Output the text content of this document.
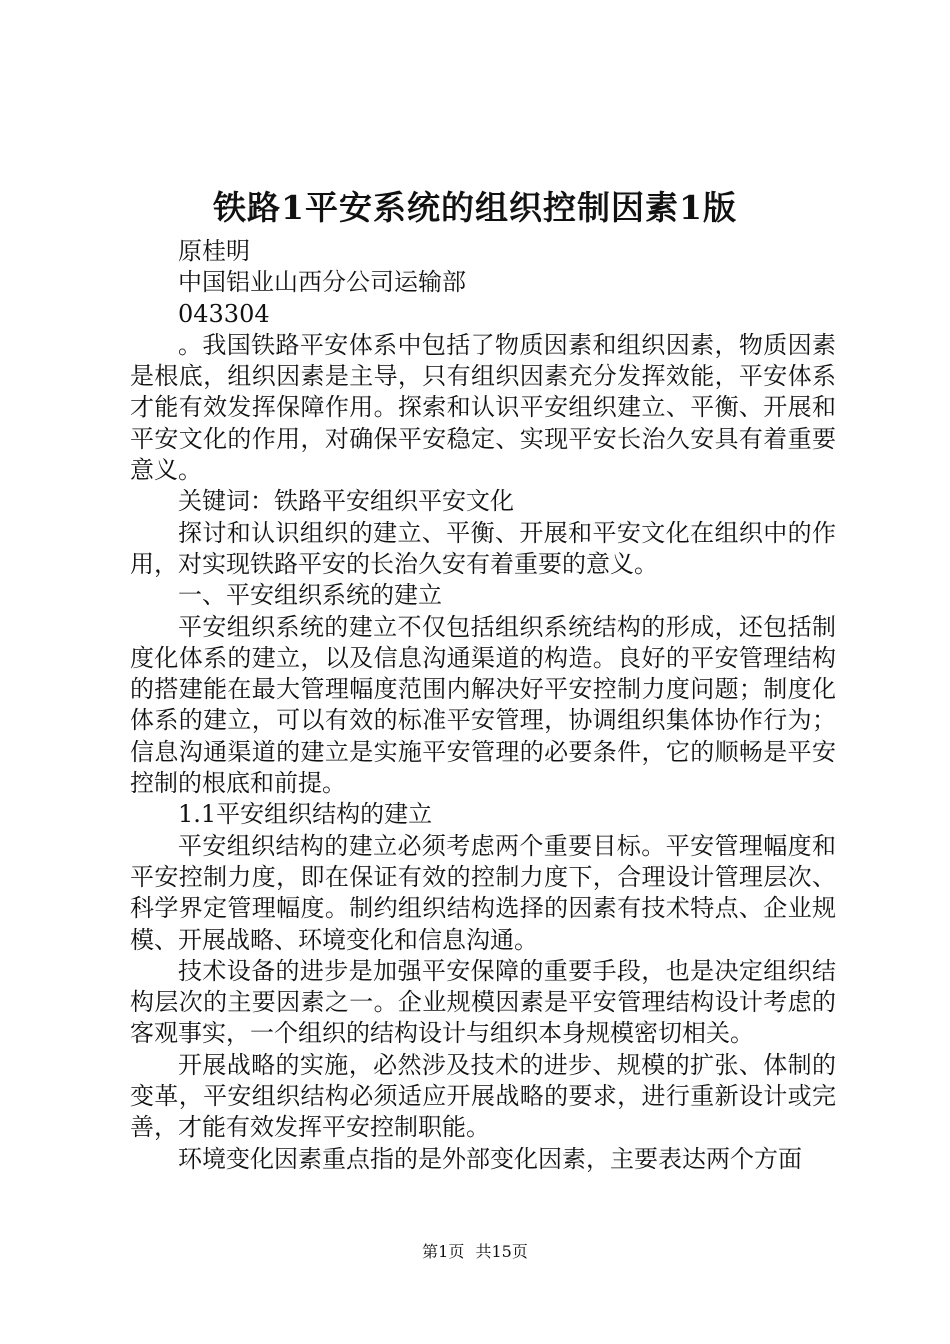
铁路1平安系统的组织控制因素1版

原桂明

中国铝业山西分公司运输部

043304

。我国铁路平安体系中包括了物质因素和组织因素，物质因素是根底，组织因素是主导，只有组织因素充分发挥效能，平安体系才能有效发挥保障作用。探索和认识平安组织建立、平衡、开展和平安文化的作用，对确保平安稳定、实现平安长治久安具有着重要意义。

关键词：铁路平安组织平安文化

探讨和认识组织的建立、平衡、开展和平安文化在组织中的作用，对实现铁路平安的长治久安有着重要的意义。

一、平安组织系统的建立

平安组织系统的建立不仅包括组织系统结构的形成，还包括制度化体系的建立，以及信息沟通渠道的构造。良好的平安管理结构的搭建能在最大管理幅度范围内解决好平安控制力度问题；制度化体系的建立，可以有效的标准平安管理，协调组织集体协作行为；信息沟通渠道的建立是实施平安管理的必要条件，它的顺畅是平安控制的根底和前提。

1.1平安组织结构的建立

平安组织结构的建立必须考虑两个重要目标。平安管理幅度和平安控制力度，即在保证有效的控制力度下，合理设计管理层次、科学界定管理幅度。制约组织结构选择的因素有技术特点、企业规模、开展战略、环境变化和信息沟通。

技术设备的进步是加强平安保障的重要手段，也是决定组织结构层次的主要因素之一。企业规模因素是平安管理结构设计考虑的客观事实，一个组织的结构设计与组织本身规模密切相关。

开展战略的实施，必然涉及技术的进步、规模的扩张、体制的变革，平安组织结构必须适应开展战略的要求，进行重新设计或完善，才能有效发挥平安控制职能。

环境变化因素重点指的是外部变化因素，主要表达两个方面

第1页 共15页
